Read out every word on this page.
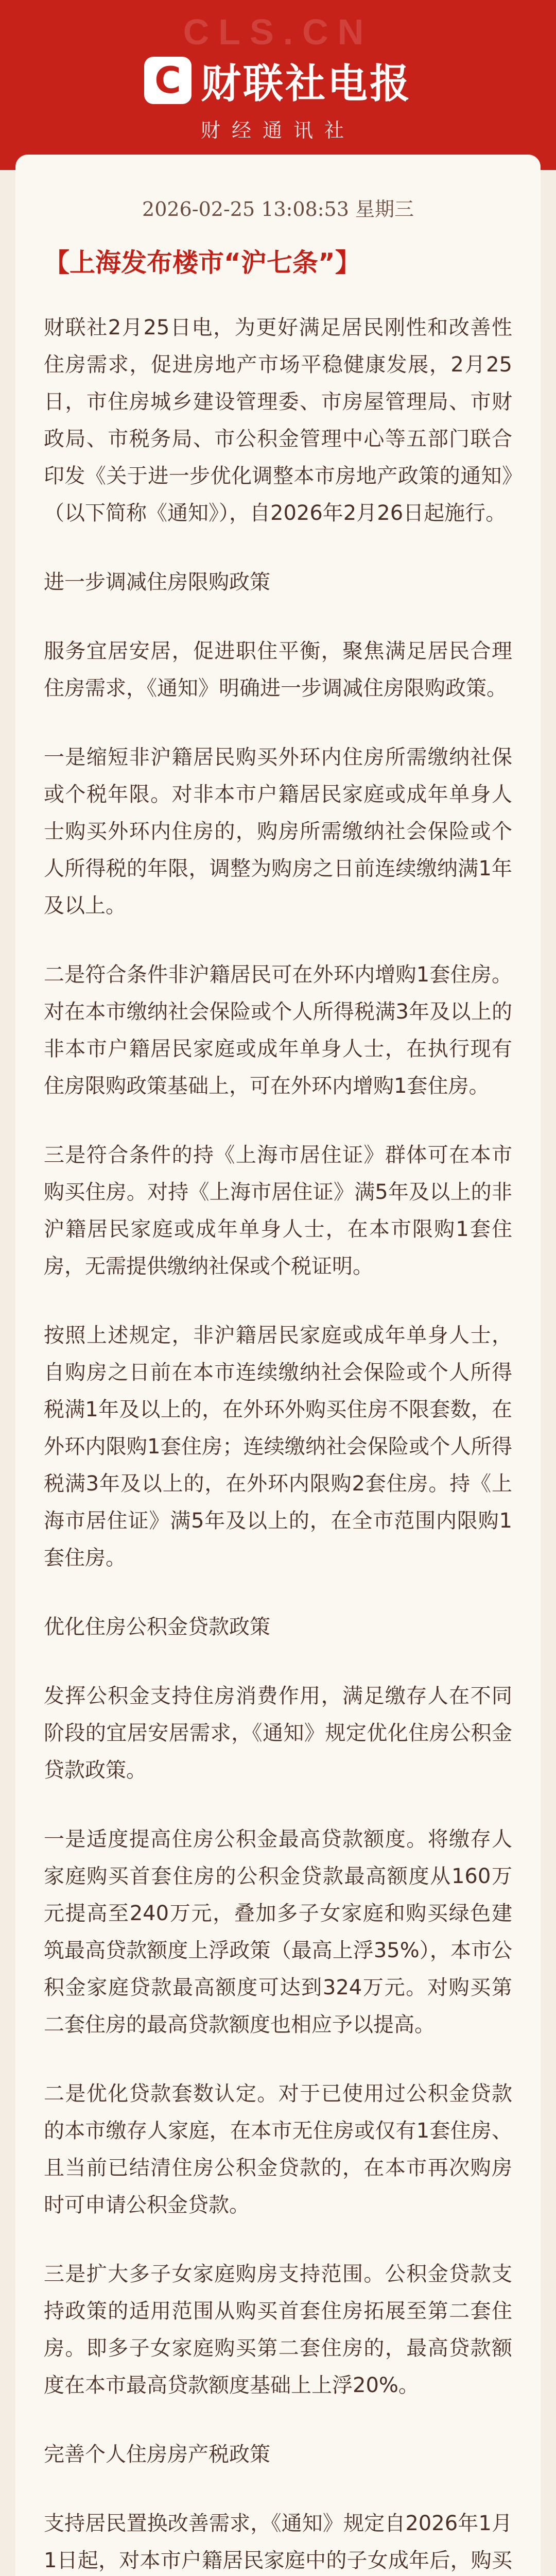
CLS.CN
C 财联社电报
财经通讯社
2026-02-25 13:08:53 星期三
【上海发布楼市“沪七条”】

财联社2月25日电，为更好满足居民刚性和改善性住房需求，促进房地产市场平稳健康发展，2月25日，市住房城乡建设管理委、市房屋管理局、市财政局、市税务局、市公积金管理中心等五部门联合印发《关于进一步优化调整本市房地产政策的通知》（以下简称《通知》），自2026年2月26日起施行。

进一步调减住房限购政策

服务宜居安居，促进职住平衡，聚焦满足居民合理住房需求，《通知》明确进一步调减住房限购政策。

一是缩短非沪籍居民购买外环内住房所需缴纳社保或个税年限。对非本市户籍居民家庭或成年单身人士购买外环内住房的，购房所需缴纳社会保险或个人所得税的年限，调整为购房之日前连续缴纳满1年及以上。

二是符合条件非沪籍居民可在外环内增购1套住房。对在本市缴纳社会保险或个人所得税满3年及以上的非本市户籍居民家庭或成年单身人士，在执行现有住房限购政策基础上，可在外环内增购1套住房。

三是符合条件的持《上海市居住证》群体可在本市购买住房。对持《上海市居住证》满5年及以上的非沪籍居民家庭或成年单身人士，在本市限购1套住房，无需提供缴纳社保或个税证明。

按照上述规定，非沪籍居民家庭或成年单身人士，自购房之日前在本市连续缴纳社会保险或个人所得税满1年及以上的，在外环外购买住房不限套数，在外环内限购1套住房；连续缴纳社会保险或个人所得税满3年及以上的，在外环内限购2套住房。持《上海市居住证》满5年及以上的，在全市范围内限购1套住房。

优化住房公积金贷款政策

发挥公积金支持住房消费作用，满足缴存人在不同阶段的宜居安居需求，《通知》规定优化住房公积金贷款政策。

一是适度提高住房公积金最高贷款额度。将缴存人家庭购买首套住房的公积金贷款最高额度从160万元提高至240万元，叠加多子女家庭和购买绿色建筑最高贷款额度上浮政策（最高上浮35%），本市公积金家庭贷款最高额度可达到324万元。对购买第二套住房的最高贷款额度也相应予以提高。

二是优化贷款套数认定。对于已使用过公积金贷款的本市缴存人家庭，在本市无住房或仅有1套住房、且当前已结清住房公积金贷款的，在本市再次购房时可申请公积金贷款。

三是扩大多子女家庭购房支持范围。公积金贷款支持政策的适用范围从购买首套住房拓展至第二套住房。即多子女家庭购买第二套住房的，最高贷款额度在本市最高贷款额度基础上上浮20%。

完善个人住房房产税政策

支持居民置换改善需求，《通知》规定自2026年1月1日起，对本市户籍居民家庭中的子女成年后，购买
